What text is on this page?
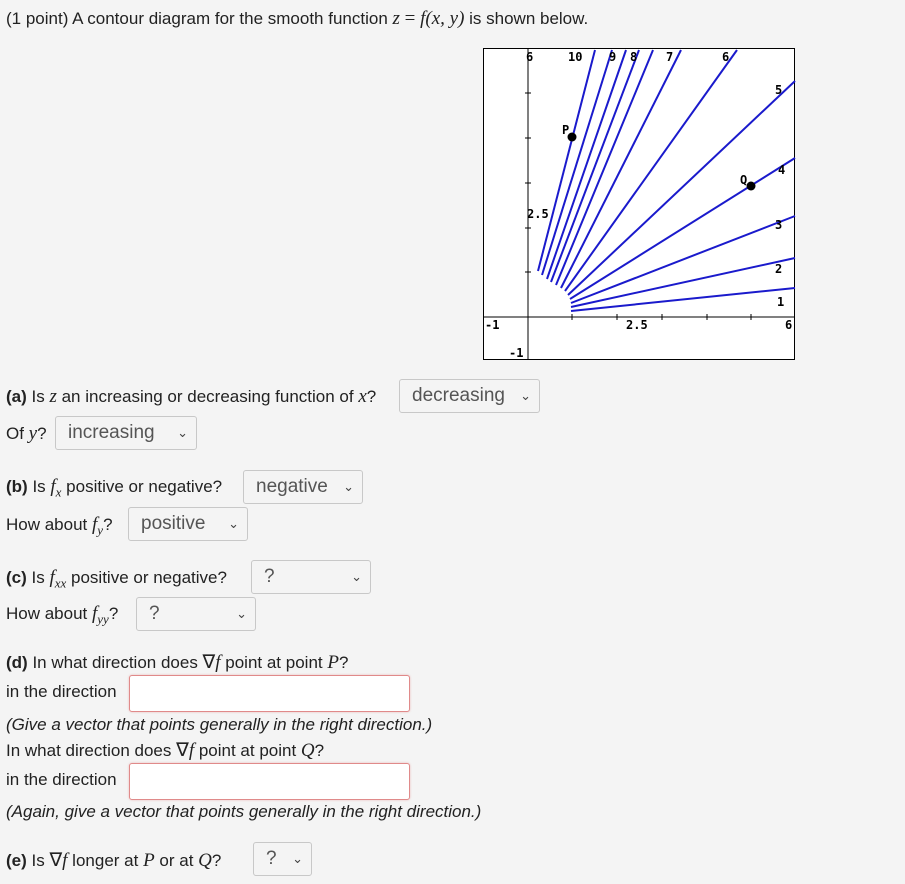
(1 point) A contour diagram for the smooth function z = f(x, y) is shown below.
6	10 9 8 7	6
5
4
3
2
1
6
-1
-1
2.5
2.5
P
Q
(a) Is z an increasing or decreasing function of x?	decreasing ⌄
Of y?	increasing ⌄
(b) Is $f_x$ positive or negative?	negative ⌄
How about $f_y$?	positive ⌄
(c) Is $f_{xx}$ positive or negative?	?	⌄
How about $f_{yy}$?	?	⌄
(d) In what direction does ∇f point at point P?
in the direction
(Give a vector that points generally in the right direction.)
In what direction does ∇f point at point Q?
in the direction
(Again, give a vector that points generally in the right direction.)
(e) Is ∇f longer at P or at Q?	? ⌄
